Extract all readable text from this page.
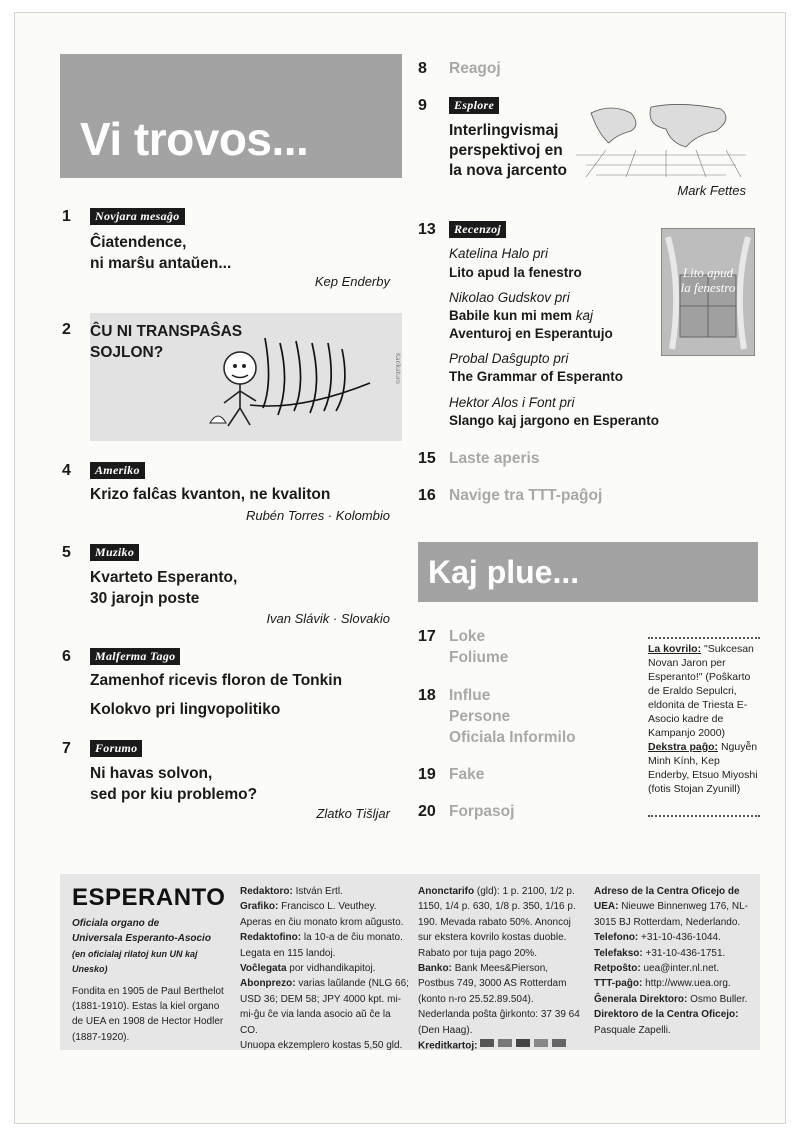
Vi trovos...
1	Novjara mesaĝo
Ĉiatendence,
ni marŝu antaŭen...
Kep Enderby
Karikaturo
2 ĈU NI TRANSPAŜAS
SOJLON?
4	Ameriko
Krizo falĉas kvanton, ne kvaliton
Rubén Torres · Kolombio
5	Muziko
Kvarteto Esperanto,
30 jarojn poste
Ivan Slávik · Slovakio
6	Malferma Tago
Zamenhof ricevis floron de Tonkin
Kolokvo pri lingvopolitiko
7	Forumo
Ni havas solvon,
sed por kiu problemo?
Zlatko Tišljar
8 Reagoj
9	Esplore
Interlingvismaj
perspektivoj en
la nova jarcento
Mark Fettes
13	Recenzoj
Lito apud
la fenestro
Katelina Halo pri
Lito apud la fenestro
Nikolao Gudskov pri
Babile kun mi mem kaj
Aventuroj en Esperantujo
Probal Daŝgupto pri
The Grammar of Esperanto
Hektor Alos i Font pri
Slango kaj jargono en Esperanto
15 Laste aperis
16 Navige tra TTT-paĝoj
Kaj plue...
17 Loke
Foliume
18 Influe
Persone
Oficiala Informilo
19 Fake
20 Forpasoj
La kovrilo: "Sukcesan Novan Jaron per Esperanto!" (Poŝkarto de Eraldo Sepulcri, eldonita de Triesta E-Asocio kadre de Kampanjo 2000)
Dekstra paĝo: Nguyễn Minh Kính, Kep Enderby, Etsuo Miyoshi (fotis Stojan Zyunill)
ESPERANTO
Oficiala organo de
Universala Esperanto-Asocio
(en oficialaj rilatoj kun UN kaj Unesko)
Fondita en 1905 de Paul Berthelot (1881-1910). Estas la kiel organo de UEA en 1908 de Hector Hodler (1887-1920).
Redaktoro: István Ertl.
Grafiko: Francisco L. Veuthey.
Aperas en ĉiu monato krom aŭgusto.
Redaktofino: la 10-a de ĉiu monato.
Legata en 115 landoj.
Voĉlegata por vidhandikapitoj.
Abonprezo: varias laŭlande (NLG 66; USD 36; DEM 58; JPY 4000 kpt. mi-mi-ĝu ĉe via landa asocio aŭ ĉe la CO.
Unuopa ekzemplero kostas 5,50 gld.
Anonctarifo (gld): 1 p. 2100, 1/2 p. 1150, 1/4 p. 630, 1/8 p. 350, 1/16 p. 190. Mevada rabato 50%. Anoncoj sur ekstera kovrilo kostas duoble. Rabato por tuja pago 20%.
Banko: Bank Mees&Pierson, Postbus 749, 3000 AS Rotterdam (konto n-ro 25.52.89.504). Nederlanda poŝta ĝirkonto: 37 39 64 (Den Haag).
Kreditkartoj:
Adreso de la Centra Oficejo de UEA: Nieuwe Binnenweg 176, NL-3015 BJ Rotterdam, Nederlando.
Telefono: +31-10-436-1044.
Telefakso: +31-10-436-1751.
Retpoŝto: uea@inter.nl.net.
TTT-paĝo: http://www.uea.org.
Ĝenerala Direktoro: Osmo Buller.
Direktoro de la Centra Oficejo: Pasquale Zapelli.
